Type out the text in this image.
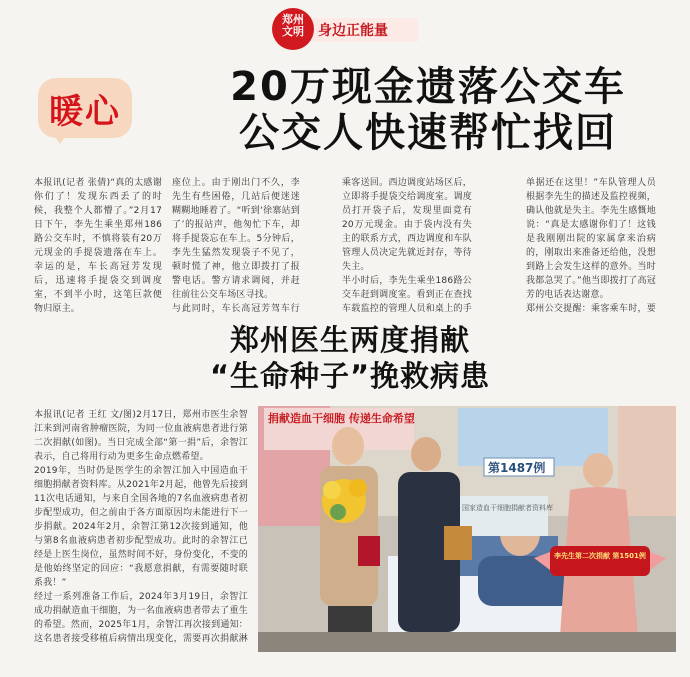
郑州
文明	身边正能量
暖心
20万现金遗落公交车
公交人快速帮忙找回
本报讯(记者 张倩)“真的太感谢你们了！发现东西丢了的时候，我整个人都懵了。”2月17日下午，李先生乘坐郑州186路公交车时，不慎将装有20万元现金的手提袋遗落在车上。幸运的是，车长高冠芳发现后，迅速将手提袋交到调度室，不到半小时，这笔巨款便物归原主。

座位上。由于刚出门不久，李先生有些困倦，几站后便迷迷糊糊地睡着了。“听到‘徐寨站到了’的报站声，他匆忙下车，却将手提袋忘在车上。5分钟后，李先生猛然发现袋子不见了，顿时慌了神，他立即拨打了报警电话。警方请求调阅，并赶往前往公交车场区寻找。
与此同时，车长高冠芳驾车行
乘客送回。西边调度站场区后，立即将手提袋交给调度室。调度员打开袋子后，发现里面竟有20万元现金。由于袋内没有失主的联系方式，西边调度和车队管理人员决定先就近封存，等待失主。
半小时后，李先生乘坐186路公交车赶到调度室。看到正在查找车载监控的管理人员和桌上的手
单据还在这里！”车队管理人员根据李先生的描述及监控视频，确认他就是失主。李先生感慨地说：“真是太感谢你们了！这钱是我刚刚出院的家属拿来治病的，刚取出来准备还给他，没想到路上会发生这样的意外。当时我都急哭了。”他当即拨打了高冠芳的电话表达谢意。
郑州公交提醒：乘客乘车时，要
郑州医生两度捐献
“生命种子”挽救病患
本报讯(记者 王红 文/图)2月17日，郑州市医生余智江来到河南省肿瘤医院，为同一位血液病患者进行第二次捐献(如图)。当日完成全部“第一捐”后，余智江表示，自己将用行动为更多生命点燃希望。
2019年，当时仍是医学生的余智江加入中国造血干细胞捐献者资料库。从2021年2月起，他曾先后接到11次电话通知，与来自全国各地的7名血液病患者初步配型成功，但之前由于各方面原因均未能进行下一步捐献。2024年2月，余智江第12次接到通知，他与第8名血液病患者初步配型成功。此时的余智江已经是上医生岗位，虽然时间不好，身份变化，不变的是他始终坚定的回应：“我愿意捐献，有需要随时联系我！”
经过一系列准备工作后，2024年3月19日，余智江成功捐献造血干细胞，为一名血液病患者带去了重生的希望。然而，2025年1月，余智江再次接到通知：这名患者接受移植后病情出现变化，需要再次捐献淋

捐献造血干细胞 传递生命希望
第1487例
国家造血干细胞捐献者资料库
李先生第二次捐献 第1501例
